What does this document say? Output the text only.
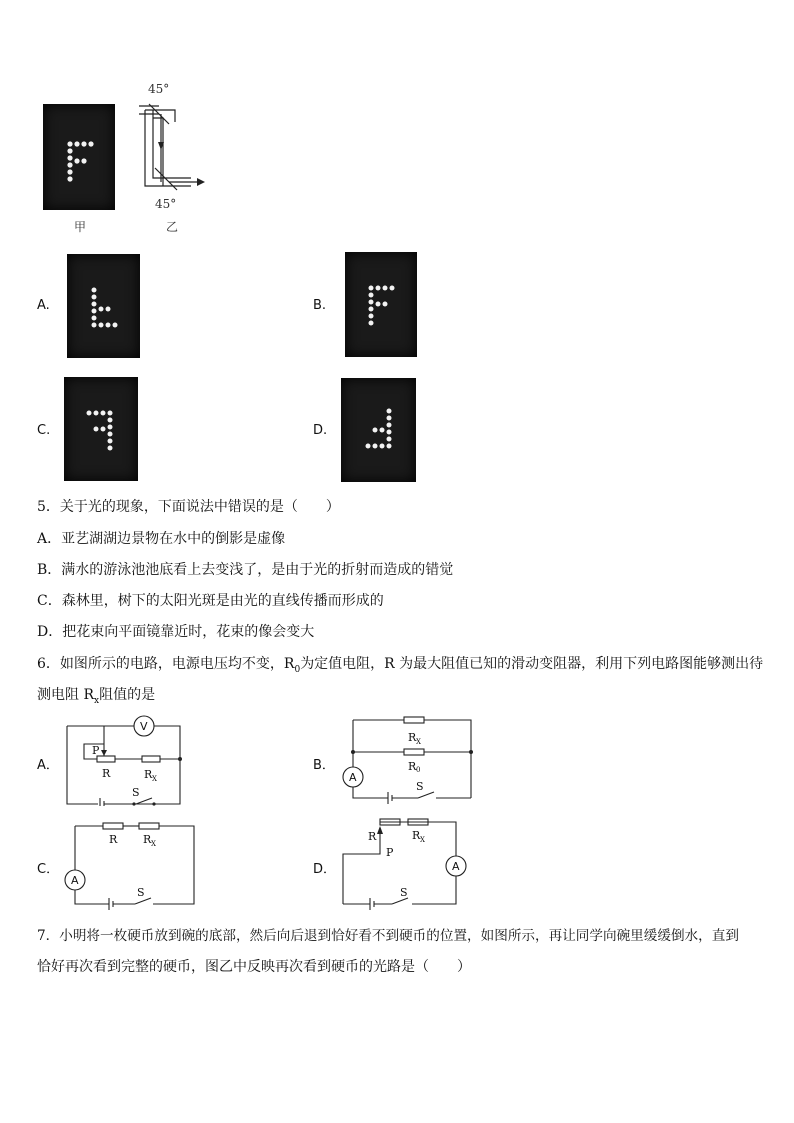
甲
45°
45°
乙
A.	B.
C.	D.
5．关于光的现象，下面说法中错误的是（　　）
A．亚艺湖湖边景物在水中的倒影是虚像
B．满水的游泳池池底看上去变浅了，是由于光的折射而造成的错觉
C．森林里，树下的太阳光斑是由光的直线传播而形成的
D．把花束向平面镜靠近时，花束的像会变大
6．如图所示的电路，电源电压均不变，$R_0$为定值电阻，R 为最大阻值已知的滑动变阻器，利用下列电路图能够测出待
测电阻 $R_x$阻值的是
A．
V
P
R	R X
S
B．
A
R X
R 0
S
C．
A
R R X
S
D．	A
R
P
R X
S
7．小明将一枚硬币放到碗的底部，然后向后退到恰好看不到硬币的位置，如图所示，再让同学向碗里缓缓倒水，直到
恰好再次看到完整的硬币，图乙中反映再次看到硬币的光路是（　　）
